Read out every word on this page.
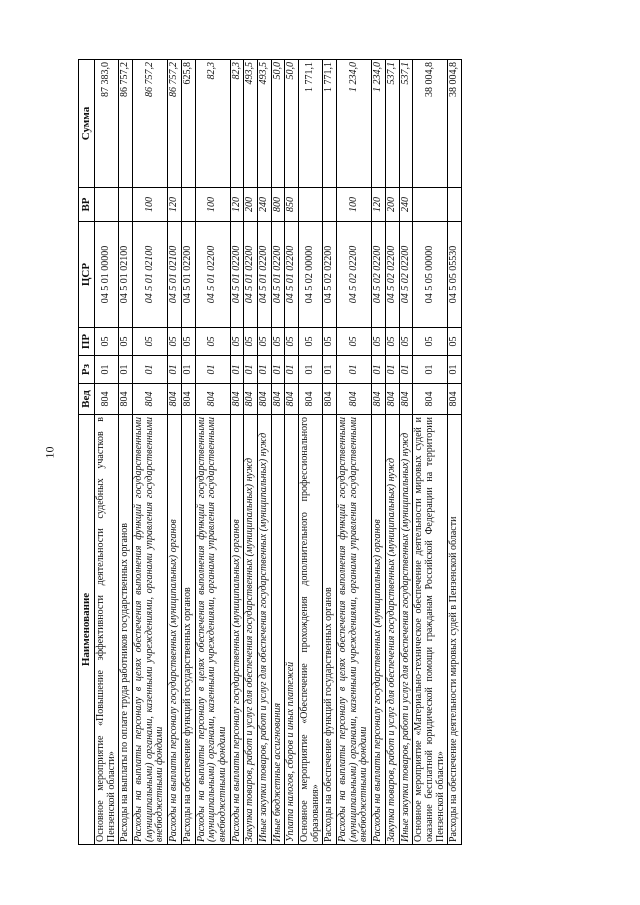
10
Наименование	Вед	Рз	ПР	ЦСР	ВР	Сумма
Основное мероприятие «Повышение эффективности деятельности судебных участков в Пензенской области»	804	01	05	04 5 01 00000		87 383,0
Расходы на выплаты по оплате труда работников государственных органов	804	01	05	04 5 01 02100		86 757,2
Расходы на выплаты персоналу в целях обеспечения выполнения функций государственными (муниципальными) органами, казенными учреждениями, органами управления государственными внебюджетными фондами	804	01	05	04 5 01 02100	100	86 757,2
Расходы на выплаты персоналу государственных (муниципальных) органов	804	01	05	04 5 01 02100	120	86 757,2
Расходы на обеспечение функций государственных органов	804	01	05	04 5 01 02200		625,8
Расходы на выплаты персоналу в целях обеспечения выполнения функций государственными (муниципальными) органами, казенными учреждениями, органами управления государственными внебюджетными фондами	804	01	05	04 5 01 02200	100	82,3
Расходы на выплаты персоналу государственных (муниципальных) органов	804	01	05	04 5 01 02200	120	82,3
Закупка товаров, работ и услуг для обеспечения государственных (муниципальных) нужд	804	01	05	04 5 01 02200	200	493,5
Иные закупки товаров, работ и услуг для обеспечения государственных (муниципальных) нужд	804	01	05	04 5 01 02200	240	493,5
Иные бюджетные ассигнования	804	01	05	04 5 01 02200	800	50,0
Уплата налогов, сборов и иных платежей	804	01	05	04 5 01 02200	850	50,0
Основное мероприятие «Обеспечение прохождения дополнительного профессионального образования»	804	01	05	04 5 02 00000		1 771,1
Расходы на обеспечение функций государственных органов	804	01	05	04 5 02 02200		1 771,1
Расходы на выплаты персоналу в целях обеспечения выполнения функций государственными (муниципальными) органами, казенными учреждениями, органами управления государственными внебюджетными фондами	804	01	05	04 5 02 02200	100	1 234,0
Расходы на выплаты персоналу государственных (муниципальных) органов	804	01	05	04 5 02 02200	120	1 234,0
Закупка товаров, работ и услуг для обеспечения государственных (муниципальных) нужд	804	01	05	04 5 02 02200	200	537,1
Иные закупки товаров, работ и услуг для обеспечения государственных (муниципальных) нужд	804	01	05	04 5 02 02200	240	537,1
Основное мероприятие «Материально-техническое обеспечение деятельности мировых судей и оказание бесплатной юридической помощи гражданам Российской Федерации на территории Пензенской области»	804	01	05	04 5 05 00000		38 004,8
Расходы на обеспечение деятельности мировых судей в Пензенской области	804	01	05	04 5 05 05530		38 004,8
